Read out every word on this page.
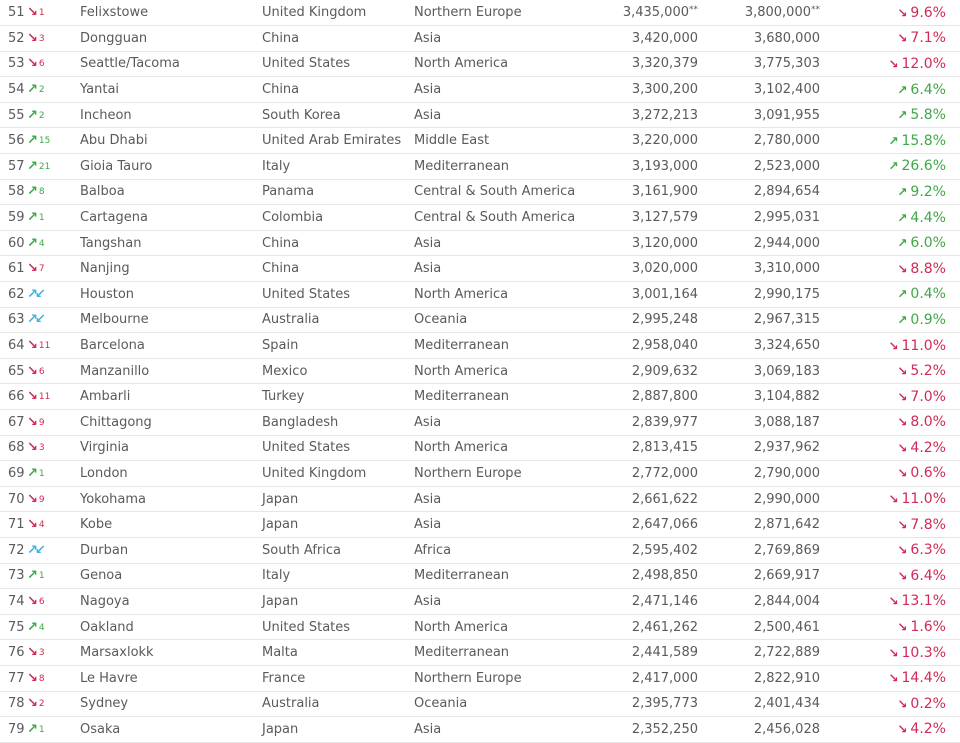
51 ↘1	Felixstowe	United Kingdom	Northern Europe	3,435,000**	3,800,000**	↘ 9.6%
52 ↘3	Dongguan	China	Asia	3,420,000	3,680,000	↘ 7.1%
53 ↘6	Seattle/Tacoma	United States	North America	3,320,379	3,775,303	↘ 12.0%
54 ↗2	Yantai	China	Asia	3,300,200	3,102,400	↗ 6.4%
55 ↗2	Incheon	South Korea	Asia	3,272,213	3,091,955	↗ 5.8%
56 ↗15	Abu Dhabi	United Arab Emirates	Middle East	3,220,000	2,780,000	↗ 15.8%
57 ↗21	Gioia Tauro	Italy	Mediterranean	3,193,000	2,523,000	↗ 26.6%
58 ↗8	Balboa	Panama	Central & South America	3,161,900	2,894,654	↗ 9.2%
59 ↗1	Cartagena	Colombia	Central & South America	3,127,579	2,995,031	↗ 4.4%
60 ↗4	Tangshan	China	Asia	3,120,000	2,944,000	↗ 6.0%
61 ↘7	Nanjing	China	Asia	3,020,000	3,310,000	↘ 8.8%
62 ↗↙	Houston	United States	North America	3,001,164	2,990,175	↗ 0.4%
63 ↗↙	Melbourne	Australia	Oceania	2,995,248	2,967,315	↗ 0.9%
64 ↘11	Barcelona	Spain	Mediterranean	2,958,040	3,324,650	↘ 11.0%
65 ↘6	Manzanillo	Mexico	North America	2,909,632	3,069,183	↘ 5.2%
66 ↘11	Ambarli	Turkey	Mediterranean	2,887,800	3,104,882	↘ 7.0%
67 ↘9	Chittagong	Bangladesh	Asia	2,839,977	3,088,187	↘ 8.0%
68 ↘3	Virginia	United States	North America	2,813,415	2,937,962	↘ 4.2%
69 ↗1	London	United Kingdom	Northern Europe	2,772,000	2,790,000	↘ 0.6%
70 ↘9	Yokohama	Japan	Asia	2,661,622	2,990,000	↘ 11.0%
71 ↘4	Kobe	Japan	Asia	2,647,066	2,871,642	↘ 7.8%
72 ↗↙	Durban	South Africa	Africa	2,595,402	2,769,869	↘ 6.3%
73 ↗1	Genoa	Italy	Mediterranean	2,498,850	2,669,917	↘ 6.4%
74 ↘6	Nagoya	Japan	Asia	2,471,146	2,844,004	↘ 13.1%
75 ↗4	Oakland	United States	North America	2,461,262	2,500,461	↘ 1.6%
76 ↘3	Marsaxlokk	Malta	Mediterranean	2,441,589	2,722,889	↘ 10.3%
77 ↘8	Le Havre	France	Northern Europe	2,417,000	2,822,910	↘ 14.4%
78 ↘2	Sydney	Australia	Oceania	2,395,773	2,401,434	↘ 0.2%
79 ↗1	Osaka	Japan	Asia	2,352,250	2,456,028	↘ 4.2%
